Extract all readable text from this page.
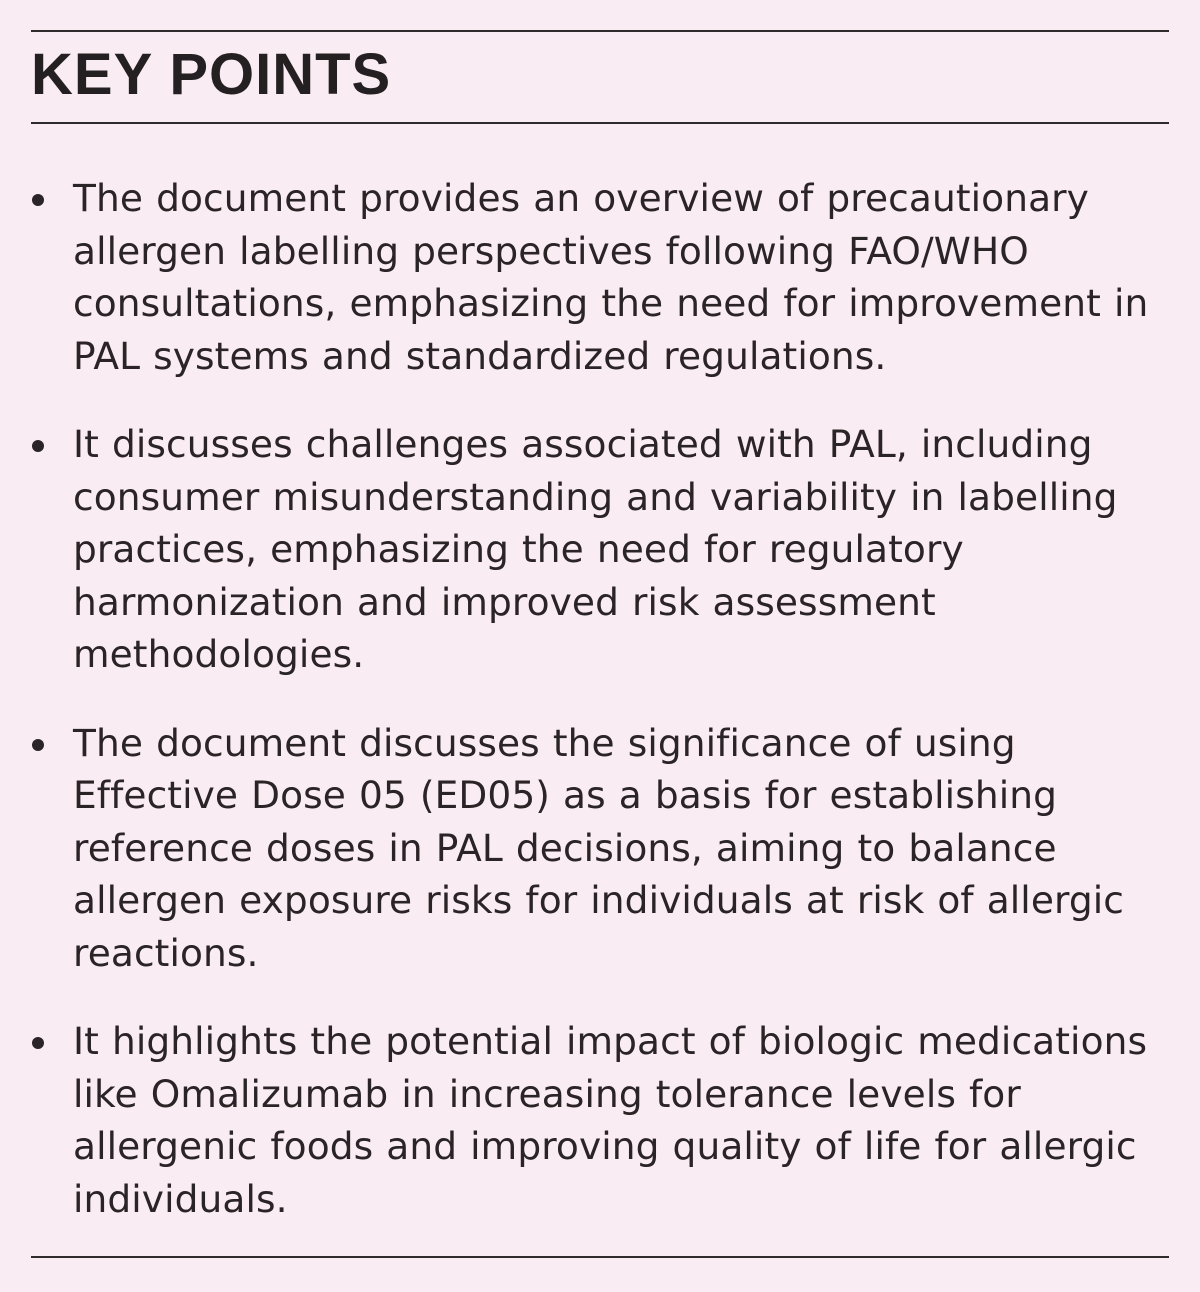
KEY POINTS
The document provides an overview of precautionary allergen labelling perspectives following FAO/WHO consultations, emphasizing the need for improvement in PAL systems and standardized regulations.
It discusses challenges associated with PAL, including consumer misunderstanding and variability in labelling practices, emphasizing the need for regulatory harmonization and improved risk assessment methodologies.
The document discusses the significance of using Effective Dose 05 (ED05) as a basis for establishing reference doses in PAL decisions, aiming to balance allergen exposure risks for individuals at risk of allergic reactions.
It highlights the potential impact of biologic medications like Omalizumab in increasing tolerance levels for allergenic foods and improving quality of life for allergic individuals.
